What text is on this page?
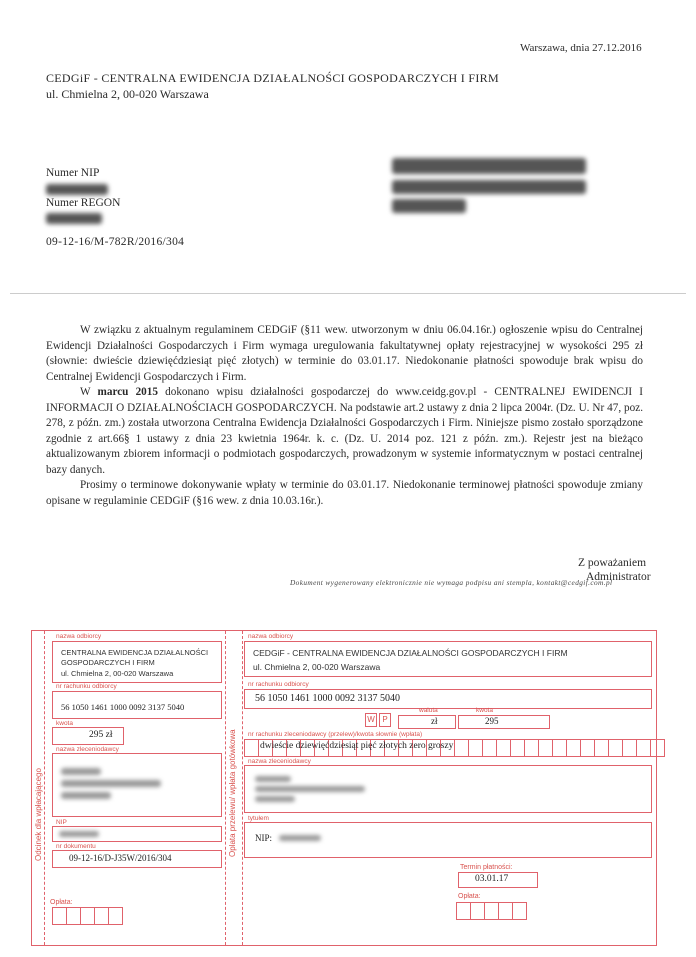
Warszawa, dnia 27.12.2016
CEDGiF - CENTRALNA EWIDENCJA DZIAŁALNOŚCI GOSPODARCZYCH I FIRM
ul. Chmielna 2, 00-020 Warszawa
Numer NIP
Numer REGON
09-12-16/M-782R/2016/304

W związku z aktualnym regulaminem CEDGiF (§11 wew. utworzonym w dniu 06.04.16r.) ogłoszenie wpisu do Centralnej Ewidencji Działalności Gospodarczych i Firm wymaga uregulowania fakultatywnej opłaty rejestracyjnej w wysokości 295 zł (słownie: dwieście dziewięćdziesiąt pięć złotych) w terminie do 03.01.17. Niedokonanie płatności spowoduje brak wpisu do Centralnej Ewidencji Gospodarczych i Firm.

W marcu 2015 dokonano wpisu działalności gospodarczej do www.ceidg.gov.pl - CENTRALNEJ EWIDENCJI I INFORMACJI O DZIAŁALNOŚCIACH GOSPODARCZYCH. Na podstawie art.2 ustawy z dnia 2 lipca 2004r. (Dz. U. Nr 47, poz. 278, z późn. zm.) została utworzona Centralna Ewidencja Działalności Gospodarczych i Firm. Niniejsze pismo zostało sporządzone zgodnie z art.66§ 1 ustawy z dnia 23 kwietnia 1964r. k. c. (Dz. U. 2014 poz. 121 z późn. zm.). Rejestr jest na bieżąco aktualizowanym zbiorem informacji o podmiotach gospodarczych, prowadzonym w systemie informatycznym w postaci centralnej bazy danych.

Prosimy o terminowe dokonywanie wpłaty w terminie do 03.01.17. Niedokonanie terminowej płatności spowoduje zmiany opisane w regulaminie CEDGiF (§16 wew. z dnia 10.03.16r.).

Z poważaniem
Administrator
Dokument wygenerowany elektronicznie nie wymaga podpisu ani stempla, kontakt@cedgif.com.pl
Odcinek dla wpłacającego	Oplata przelewu/ wpłata gotówkowa
nazwa odbiorcy
CENTRALNA EWIDENCJA DZIAŁALNOŚCI GOSPODARCZYCH I FIRM
ul. Chmielna 2, 00-020 Warszawa
nr rachunku odbiorcy
56 1050 1461 1000 0092 3137 5040
kwota
295 zł
nazwa zleceniodawcy
NIP
nr dokumentu
09-12-16/D-J35W/2016/304
Opłata:
nazwa odbiorcy
CEDGiF - CENTRALNA EWIDENCJA DZIAŁALNOŚCI GOSPODARCZYCH I FIRM
ul. Chmielna 2, 00-020 Warszawa
nr rachunku odbiorcy
56 1050 1461 1000 0092 3137 5040
W P
waluta
zł
kwota
295
nr rachunku zleceniodawcy (przelew)/kwota słownie (wpłata)
dwieście dziewięćdziesiąt pięć złotych zero groszy
nazwa zleceniodawcy
tytułem
NIP:
Termin płatności:
03.01.17
Opłata:
